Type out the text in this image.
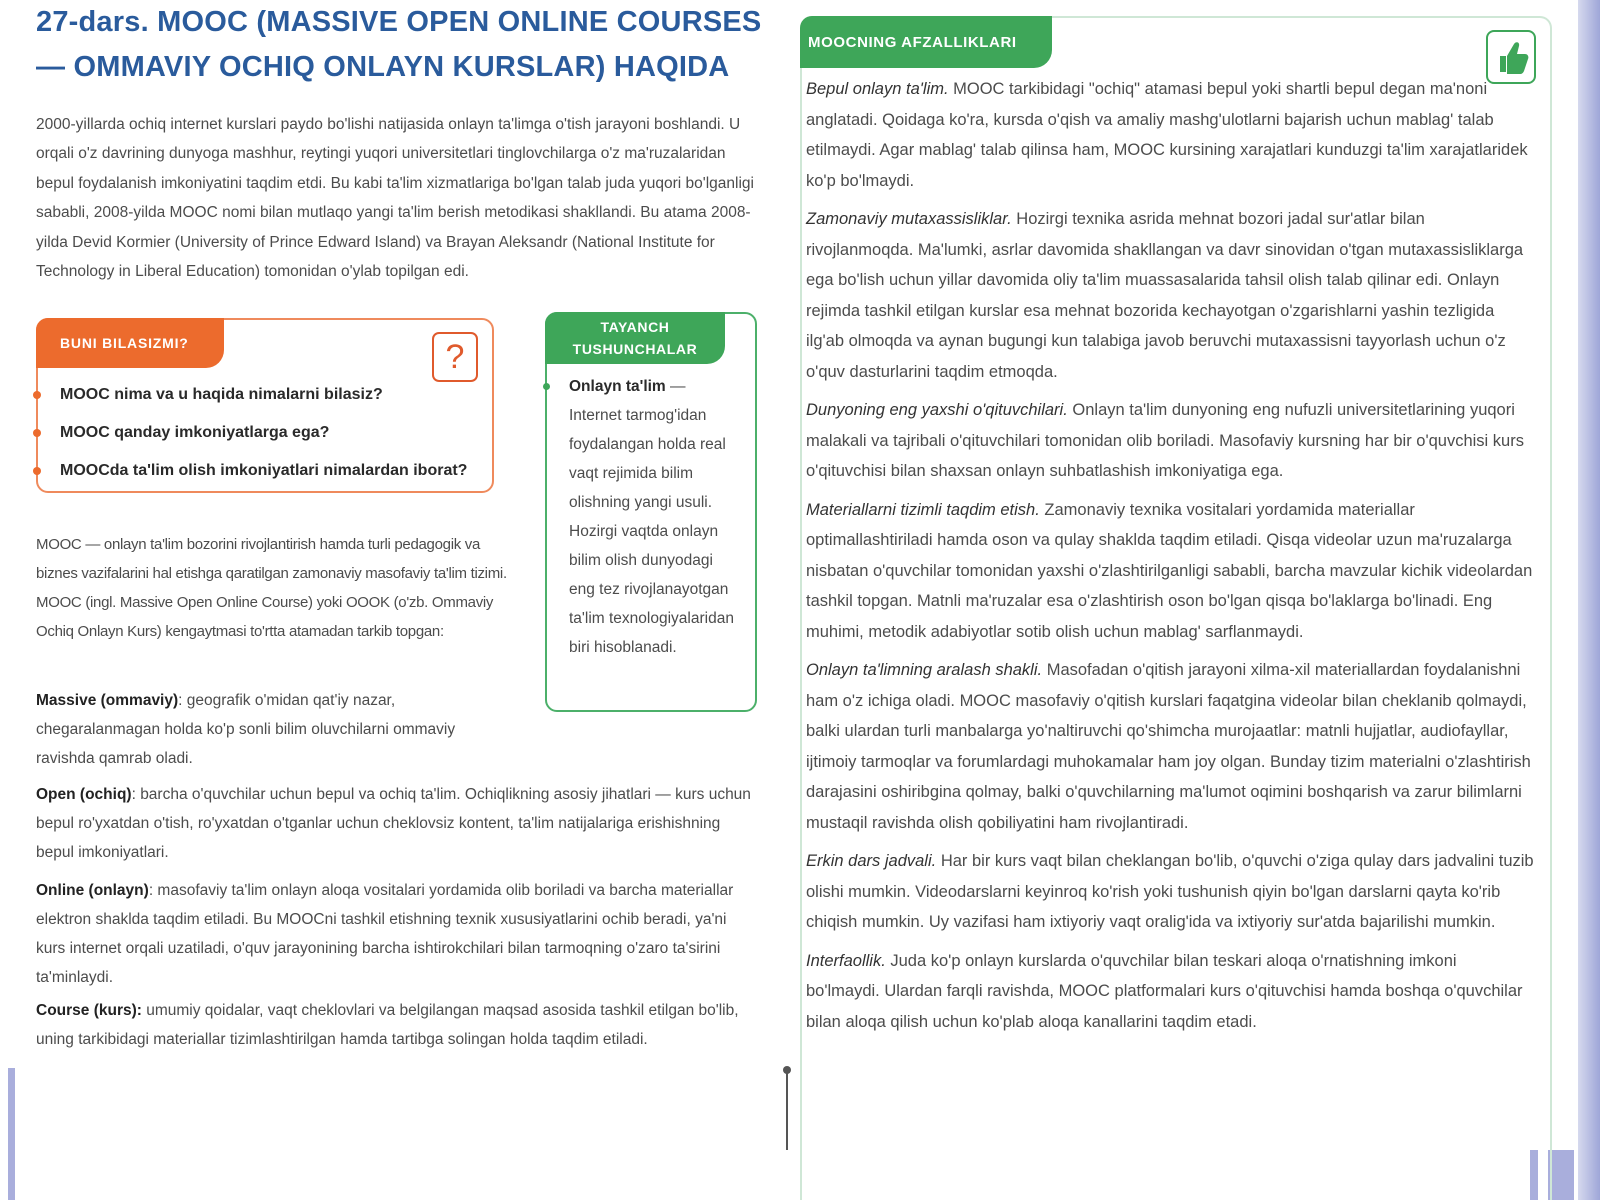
27-dars. MOOC (MASSIVE OPEN ONLINE COURSES — OMMAVIY OCHIQ ONLAYN KURSLAR) HAQIDA
2000-yillarda ochiq internet kurslari paydo bo'lishi natijasida onlayn ta'limga o'tish jarayoni boshlandi. U orqali o'z davrining dunyoga mashhur, reytingi yuqori universitetlari tinglovchilarga o'z ma'ruzalaridan bepul foydalanish imkoniyatini taqdim etdi. Bu kabi ta'lim xizmatlariga bo'lgan talab juda yuqori bo'lganligi sababli, 2008-yilda MOOC nomi bilan mutlaqo yangi ta'lim berish metodikasi shakllandi. Bu atama 2008-yilda Devid Kormier (University of Prince Edward Island) va Brayan Aleksandr (National Institute for Technology in Liberal Education) tomonidan o'ylab topilgan edi.
BUNI BILASIZMI?	?
MOOC nima va u haqida nimalarni bilasiz?
MOOC qanday imkoniyatlarga ega?
MOOCda ta'lim olish imkoniyatlari nimalardan iborat?
TAYANCH TUSHUNCHALAR
Onlayn ta'lim — Internet tarmog'idan foydalangan holda real vaqt rejimida bilim olishning yangi usuli. Hozirgi vaqtda onlayn bilim olish dunyodagi eng tez rivojlanayotgan ta'lim texnologiyalaridan biri hisoblanadi.
MOOC — onlayn ta'lim bozorini rivojlantirish hamda turli pedagogik va biznes vazifalarini hal etishga qaratilgan zamonaviy masofaviy ta'lim tizimi. MOOC (ingl. Massive Open Online Course) yoki OOOK (o'zb. Ommaviy Ochiq Onlayn Kurs) kengaytmasi to'rtta atamadan tarkib topgan:
Massive (ommaviy): geografik o'midan qat'iy nazar, chegaralanmagan holda ko'p sonli bilim oluvchilarni ommaviy ravishda qamrab oladi.
Open (ochiq): barcha o'quvchilar uchun bepul va ochiq ta'lim. Ochiqlikning asosiy jihatlari — kurs uchun bepul ro'yxatdan o'tish, ro'yxatdan o'tganlar uchun cheklovsiz kontent, ta'lim natijalariga erishishning bepul imkoniyatlari.
Online (onlayn): masofaviy ta'lim onlayn aloqa vositalari yordamida olib boriladi va barcha materiallar elektron shaklda taqdim etiladi. Bu MOOCni tashkil etishning texnik xususiyatlarini ochib beradi, ya'ni kurs internet orqali uzatiladi, o'quv jarayonining barcha ishtirokchilari bilan tarmoqning o'zaro ta'sirini ta'minlaydi.
Course (kurs): umumiy qoidalar, vaqt cheklovlari va belgilangan maqsad asosida tashkil etilgan bo'lib, uning tarkibidagi materiallar tizimlashtirilgan hamda tartibga solingan holda taqdim etiladi.
MOOCNING AFZALLIKLARI

Bepul onlayn ta'lim. MOOC tarkibidagi "ochiq" atamasi bepul yoki shartli bepul degan ma'noni anglatadi. Qoidaga ko'ra, kursda o'qish va amaliy mashg'ulotlarni bajarish uchun mablag' talab etilmaydi. Agar mablag' talab qilinsa ham, MOOC kursining xarajatlari kunduzgi ta'lim xarajatlaridek ko'p bo'lmaydi.

Zamonaviy mutaxassisliklar. Hozirgi texnika asrida mehnat bozori jadal sur'atlar bilan rivojlanmoqda. Ma'lumki, asrlar davomida shakllangan va davr sinovidan o'tgan mutaxassisliklarga ega bo'lish uchun yillar davomida oliy ta'lim muassasalarida tahsil olish talab qilinar edi. Onlayn rejimda tashkil etilgan kurslar esa mehnat bozorida kechayotgan o'zgarishlarni yashin tezligida ilg'ab olmoqda va aynan bugungi kun talabiga javob beruvchi mutaxassisni tayyorlash uchun o'z o'quv dasturlarini taqdim etmoqda.

Dunyoning eng yaxshi o'qituvchilari. Onlayn ta'lim dunyoning eng nufuzli universitetlarining yuqori malakali va tajribali o'qituvchilari tomonidan olib boriladi. Masofaviy kursning har bir o'quvchisi kurs o'qituvchisi bilan shaxsan onlayn suhbatlashish imkoniyatiga ega.

Materiallarni tizimli taqdim etish. Zamonaviy texnika vositalari yordamida materiallar optimallashtiriladi hamda oson va qulay shaklda taqdim etiladi. Qisqa videolar uzun ma'ruzalarga nisbatan o'quvchilar tomonidan yaxshi o'zlashtirilganligi sababli, barcha mavzular kichik videolardan tashkil topgan. Matnli ma'ruzalar esa o'zlashtirish oson bo'lgan qisqa bo'laklarga bo'linadi. Eng muhimi, metodik adabiyotlar sotib olish uchun mablag' sarflanmaydi.

Onlayn ta'limning aralash shakli. Masofadan o'qitish jarayoni xilma-xil materiallardan foydalanishni ham o'z ichiga oladi. MOOC masofaviy o'qitish kurslari faqatgina videolar bilan cheklanib qolmaydi, balki ulardan turli manbalarga yo'naltiruvchi qo'shimcha murojaatlar: matnli hujjatlar, audiofayllar, ijtimoiy tarmoqlar va forumlardagi muhokamalar ham joy olgan. Bunday tizim materialni o'zlashtirish darajasini oshiribgina qolmay, balki o'quvchilarning ma'lumot oqimini boshqarish va zarur bilimlarni mustaqil ravishda olish qobiliyatini ham rivojlantiradi.

Erkin dars jadvali. Har bir kurs vaqt bilan cheklangan bo'lib, o'quvchi o'ziga qulay dars jadvalini tuzib olishi mumkin. Videodarslarni keyinroq ko'rish yoki tushunish qiyin bo'lgan darslarni qayta ko'rib chiqish mumkin. Uy vazifasi ham ixtiyoriy vaqt oralig'ida va ixtiyoriy sur'atda bajarilishi mumkin.

Interfaollik. Juda ko'p onlayn kurslarda o'quvchilar bilan teskari aloqa o'rnatishning imkoni bo'lmaydi. Ulardan farqli ravishda, MOOC platformalari kurs o'qituvchisi hamda boshqa o'quvchilar bilan aloqa qilish uchun ko'plab aloqa kanallarini taqdim etadi.
